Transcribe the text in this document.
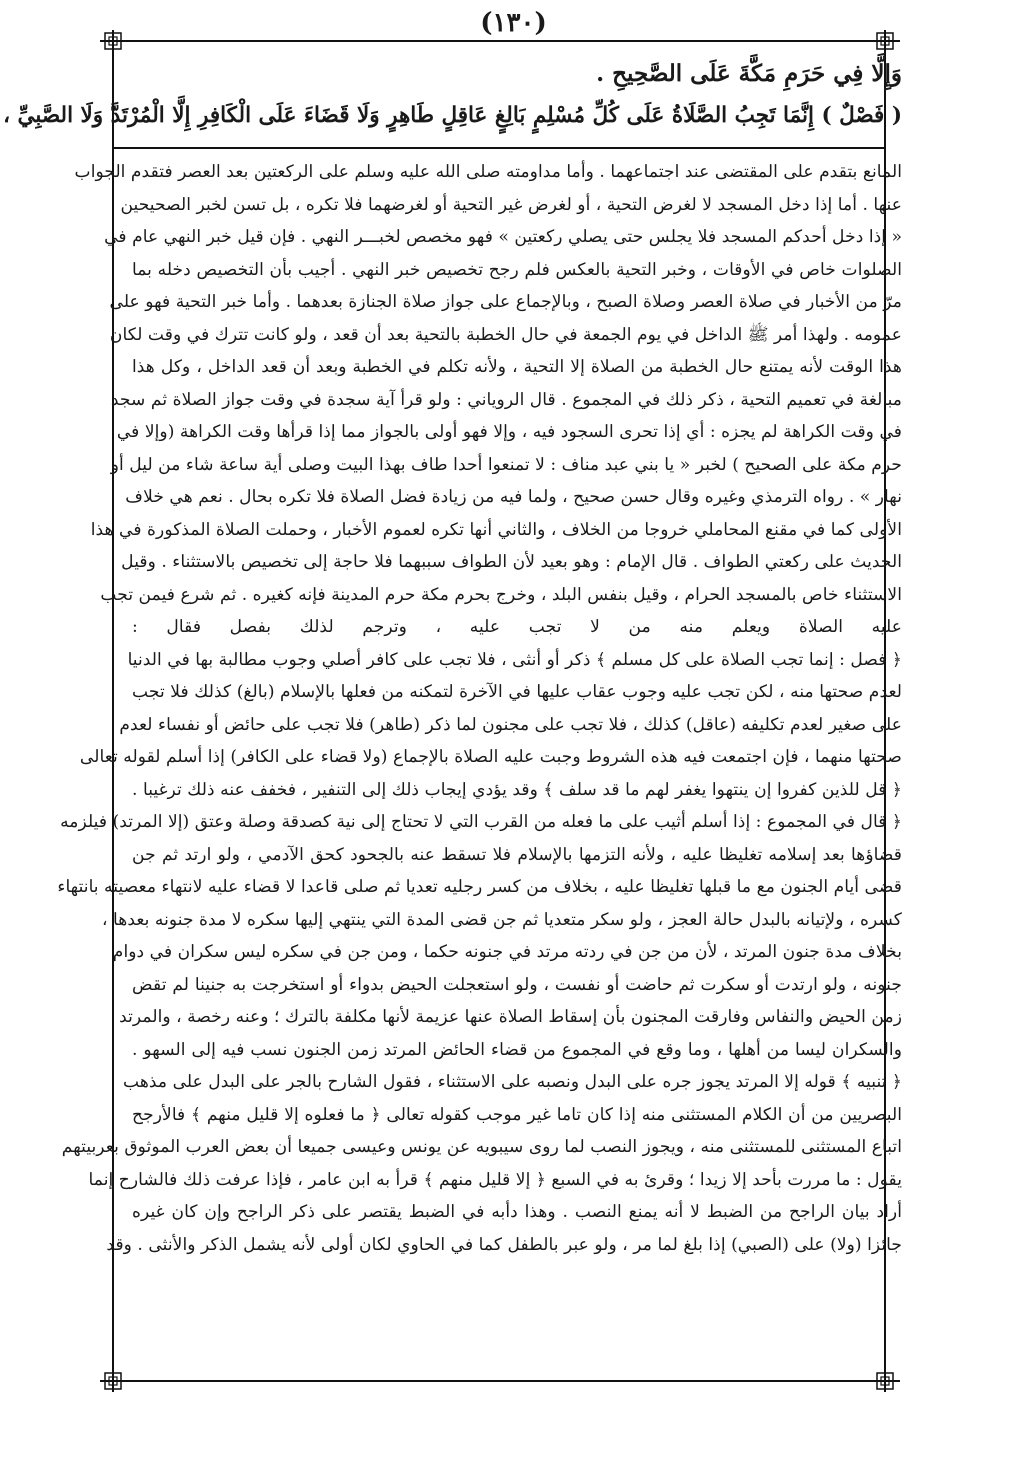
(١٣٠)
وَإِلَّا فِي حَرَمِ مَكَّةَ عَلَى الصَّحِيحِ .
( فَصْلٌ ) إِنَّمَا تَجِبُ الصَّلَاةُ عَلَى كُلِّ مُسْلِمٍ بَالِغٍ عَاقِلٍ طَاهِرٍ وَلَا قَضَاءَ عَلَى الْكَافِرِ إِلَّا الْمُرْتَدَّ وَلَا الصَّبِيِّ ،
المانع بتقدم على المقتضى عند اجتماعهما . وأما مداومته صلى الله عليه وسلم على الركعتين بعد العصر فتقدم الجواب
عنها . أما إذا دخل المسجد لا لغرض التحية ، أو لغرض غير التحية أو لغرضهما فلا تكره ، بل تسن لخبر الصحيحين
« إذا دخل أحدكم المسجد فلا يجلس حتى يصلي ركعتين » فهو مخصص لخبـــر النهي . فإن قيل خبر النهي عام في
الصلوات خاص في الأوقات ، وخبر التحية بالعكس فلم رجح تخصيص خبر النهي . أجيب بأن التخصيص دخله بما
مرّ من الأخبار في صلاة العصر وصلاة الصبح ، وبالإجماع على جواز صلاة الجنازة بعدهما . وأما خبر التحية فهو على
عمومه . ولهذا أمر ﷺ الداخل في يوم الجمعة في حال الخطبة بالتحية بعد أن قعد ، ولو كانت تترك في وقت لكان
هذا الوقت لأنه يمتنع حال الخطبة من الصلاة إلا التحية ، ولأنه تكلم في الخطبة وبعد أن قعد الداخل ، وكل هذا
مبالغة في تعميم التحية ، ذكر ذلك في المجموع . قال الروياني : ولو قرأ آية سجدة في وقت جواز الصلاة ثم سجد
في وقت الكراهة لم يجزه : أي إذا تحرى السجود فيه ، وإلا فهو أولى بالجواز مما إذا قرأها وقت الكراهة (وإلا في
حرم مكة على الصحيح ) لخبر « يا بني عبد مناف : لا تمنعوا أحدا طاف بهذا البيت وصلى أية ساعة شاء من ليل أو
نهار » . رواه الترمذي وغيره وقال حسن صحيح ، ولما فيه من زيادة فضل الصلاة فلا تكره بحال . نعم هي خلاف
الأولى كما في مقنع المحاملي خروجا من الخلاف ، والثاني أنها تكره لعموم الأخبار ، وحملت الصلاة المذكورة في هذا
الحديث على ركعتي الطواف . قال الإمام : وهو بعيد لأن الطواف سببهما فلا حاجة إلى تخصيص بالاستثناء . وقيل
الاستثناء خاص بالمسجد الحرام ، وقيل بنفس البلد ، وخرج بحرم مكة حرم المدينة فإنه كغيره . ثم شرع فيمن تجب
عليه الصلاة ويعلم منه من لا تجب عليه ، وترجم لذلك بفصل فقال :
﴿ فصل : إنما تجب الصلاة على كل مسلم ﴾ ذكر أو أنثى ، فلا تجب على كافر أصلي وجوب مطالبة بها في الدنيا
لعدم صحتها منه ، لكن تجب عليه وجوب عقاب عليها في الآخرة لتمكنه من فعلها بالإسلام (بالغ) كذلك فلا تجب
على صغير لعدم تكليفه (عاقل) كذلك ، فلا تجب على مجنون لما ذكر (طاهر) فلا تجب على حائض أو نفساء لعدم
صحتها منهما ، فإن اجتمعت فيه هذه الشروط وجبت عليه الصلاة بالإجماع (ولا قضاء على الكافر) إذا أسلم لقوله تعالى
﴿ قل للذين كفروا إن ينتهوا يغفر لهم ما قد سلف ﴾ وقد يؤدي إيجاب ذلك إلى التنفير ، فخفف عنه ذلك ترغيبا .
﴿ قال في المجموع : إذا أسلم أثيب على ما فعله من القرب التي لا تحتاج إلى نية كصدقة وصلة وعتق (إلا المرتد) فيلزمه
قضاؤها بعد إسلامه تغليظا عليه ، ولأنه التزمها بالإسلام فلا تسقط عنه بالجحود كحق الآدمي ، ولو ارتد ثم جن
قضى أيام الجنون مع ما قبلها تغليظا عليه ، بخلاف من كسر رجليه تعديا ثم صلى قاعدا لا قضاء عليه لانتهاء معصيته بانتهاء
كسره ، ولإتيانه بالبدل حالة العجز ، ولو سكر متعديا ثم جن قضى المدة التي ينتهي إليها سكره لا مدة جنونه بعدها ،
بخلاف مدة جنون المرتد ، لأن من جن في ردته مرتد في جنونه حكما ، ومن جن في سكره ليس سكران في دوام
جنونه ، ولو ارتدت أو سكرت ثم حاضت أو نفست ، ولو استعجلت الحيض بدواء أو استخرجت به جنينا لم تقض
زمن الحيض والنفاس وفارقت المجنون بأن إسقاط الصلاة عنها عزيمة لأنها مكلفة بالترك ؛ وعنه رخصة ، والمرتد
والسكران ليسا من أهلها ، وما وقع في المجموع من قضاء الحائض المرتد زمن الجنون نسب فيه إلى السهو .
﴿ تنبيه ﴾ قوله إلا المرتد يجوز جره على البدل ونصبه على الاستثناء ، فقول الشارح بالجر على البدل على مذهب
البصريين من أن الكلام المستثنى منه إذا كان تاما غير موجب كقوله تعالى ﴿ ما فعلوه إلا قليل منهم ﴾ فالأرجح
اتباع المستثنى للمستثنى منه ، ويجوز النصب لما روى سيبويه عن يونس وعيسى جميعا أن بعض العرب الموثوق بعربيتهم
يقول : ما مررت بأحد إلا زيدا ؛ وقرئ به في السبع ﴿ إلا قليل منهم ﴾ قرأ به ابن عامر ، فإذا عرفت ذلك فالشارح إنما
أراد بيان الراجح من الضبط لا أنه يمنع النصب . وهذا دأبه في الضبط يقتصر على ذكر الراجح وإن كان غيره
جائزا (ولا) على (الصبي) إذا بلغ لما مر ، ولو عبر بالطفل كما في الحاوي لكان أولى لأنه يشمل الذكر والأنثى . وقد
